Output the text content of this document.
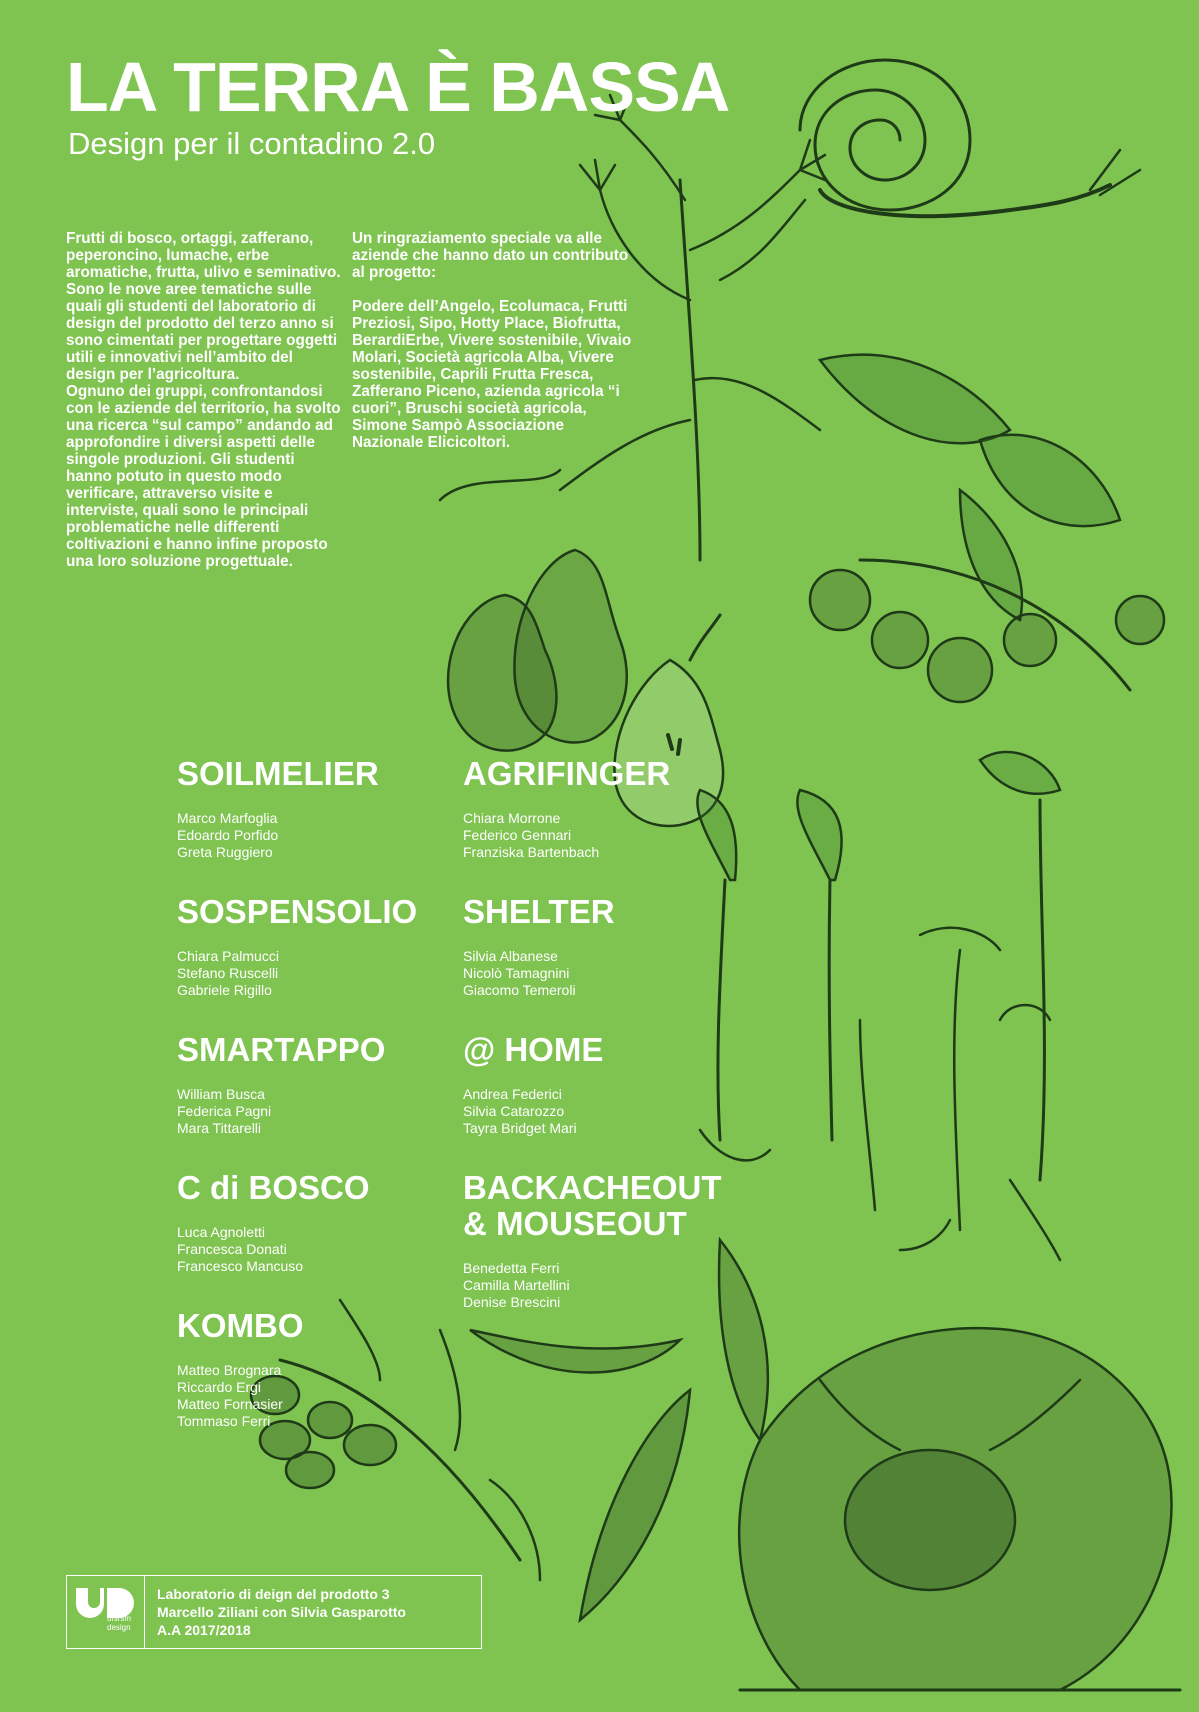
LA TERRA È BASSA

Design per il contadino 2.0

Frutti di bosco, ortaggi, zafferano, peperoncino, lumache, erbe aromatiche, frutta, ulivo e seminativo. Sono le nove aree tematiche sulle quali gli studenti del laboratorio di design del prodotto del terzo anno si sono cimentati per progettare oggetti utili e innovativi nell’ambito del design per l’agricoltura.
Ognuno dei gruppi, confrontandosi con le aziende del territorio, ha svolto una ricerca “sul campo” andando ad approfondire i diversi aspetti delle singole produzioni. Gli studenti hanno potuto in questo modo verificare, attraverso visite e interviste, quali sono le principali problematiche nelle differenti coltivazioni e hanno infine proposto una loro soluzione progettuale.

Un ringraziamento speciale va alle aziende che hanno dato un contributo al progetto:

Podere dell’Angelo, Ecolumaca, Frutti Preziosi, Sipo, Hotty Place, Biofrutta, BerardiErbe, Vivere sostenibile, Vivaio Molari, Società agricola Alba, Vivere sostenibile, Caprili Frutta Fresca, Zafferano Piceno, azienda agricola “i cuori”, Bruschi società agricola, Simone Sampò Associazione Nazionale Elicicoltori.

SOILMELIER
Marco Marfoglia
Edoardo Porfido
Greta Ruggiero
AGRIFINGER
Chiara Morrone
Federico Gennari
Franziska Bartenbach
SOSPENSOLIO
Chiara Palmucci
Stefano Ruscelli
Gabriele Rigillo
SHELTER
Silvia Albanese
Nicolò Tamagnini
Giacomo Temeroli
SMARTAPPO
William Busca
Federica Pagni
Mara Tittarelli
@ HOME
Andrea Federici
Silvia Catarozzo
Tayra Bridget Mari
C di BOSCO
Luca Agnoletti
Francesca Donati
Francesco Mancuso
BACKACHEOUT
& MOUSEOUT
Benedetta Ferri
Camilla Martellini
Denise Brescini
KOMBO
Matteo Brognara
Riccardo Ergi
Matteo Fornasier
Tommaso Ferri
unirsm
design
Laboratorio di deign del prodotto 3
Marcello Ziliani con Silvia Gasparotto
A.A 2017/2018
